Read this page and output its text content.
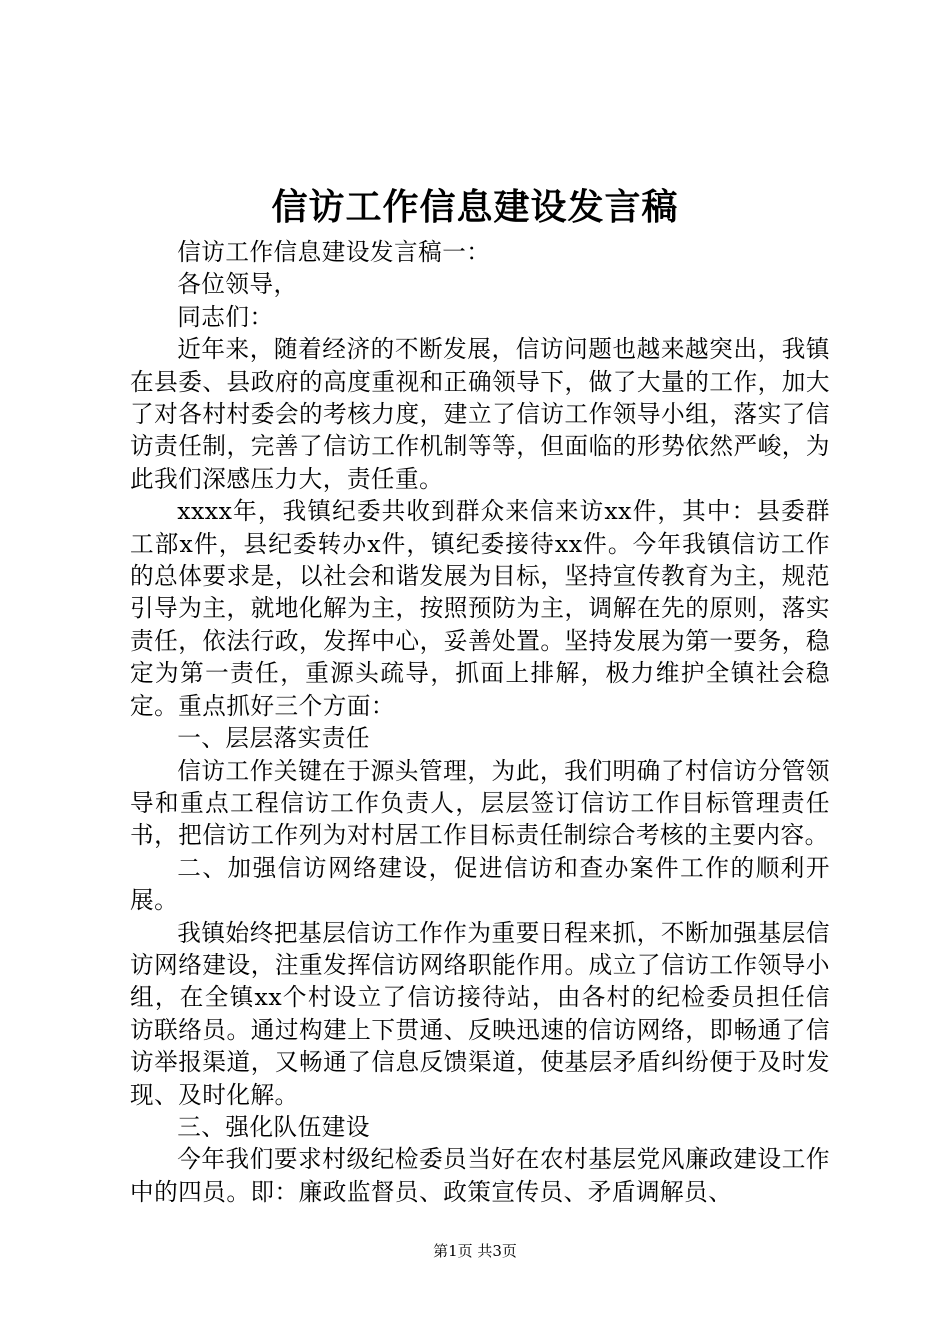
信访工作信息建设发言稿

信访工作信息建设发言稿一：

各位领导，

同志们：

近年来，随着经济的不断发展，信访问题也越来越突出，我镇在县委、县政府的高度重视和正确领导下，做了大量的工作，加大了对各村村委会的考核力度，建立了信访工作领导小组，落实了信访责任制，完善了信访工作机制等等，但面临的形势依然严峻，为此我们深感压力大，责任重。

xxxx年，我镇纪委共收到群众来信来访xx件，其中：县委群工部x件，县纪委转办x件，镇纪委接待xx件。今年我镇信访工作的总体要求是，以社会和谐发展为目标，坚持宣传教育为主，规范引导为主，就地化解为主，按照预防为主，调解在先的原则，落实责任，依法行政，发挥中心，妥善处置。坚持发展为第一要务，稳定为第一责任，重源头疏导，抓面上排解，极力维护全镇社会稳定。重点抓好三个方面：

一、层层落实责任

信访工作关键在于源头管理，为此，我们明确了村信访分管领导和重点工程信访工作负责人，层层签订信访工作目标管理责任书，把信访工作列为对村居工作目标责任制综合考核的主要内容。

二、加强信访网络建设，促进信访和查办案件工作的顺利开展。

我镇始终把基层信访工作作为重要日程来抓，不断加强基层信访网络建设，注重发挥信访网络职能作用。成立了信访工作领导小组，在全镇xx个村设立了信访接待站，由各村的纪检委员担任信访联络员。通过构建上下贯通、反映迅速的信访网络，即畅通了信访举报渠道，又畅通了信息反馈渠道，使基层矛盾纠纷便于及时发现、及时化解。

三、强化队伍建设

今年我们要求村级纪检委员当好在农村基层党风廉政建设工作中的四员。即：廉政监督员、政策宣传员、矛盾调解员、

第1页 共3页
